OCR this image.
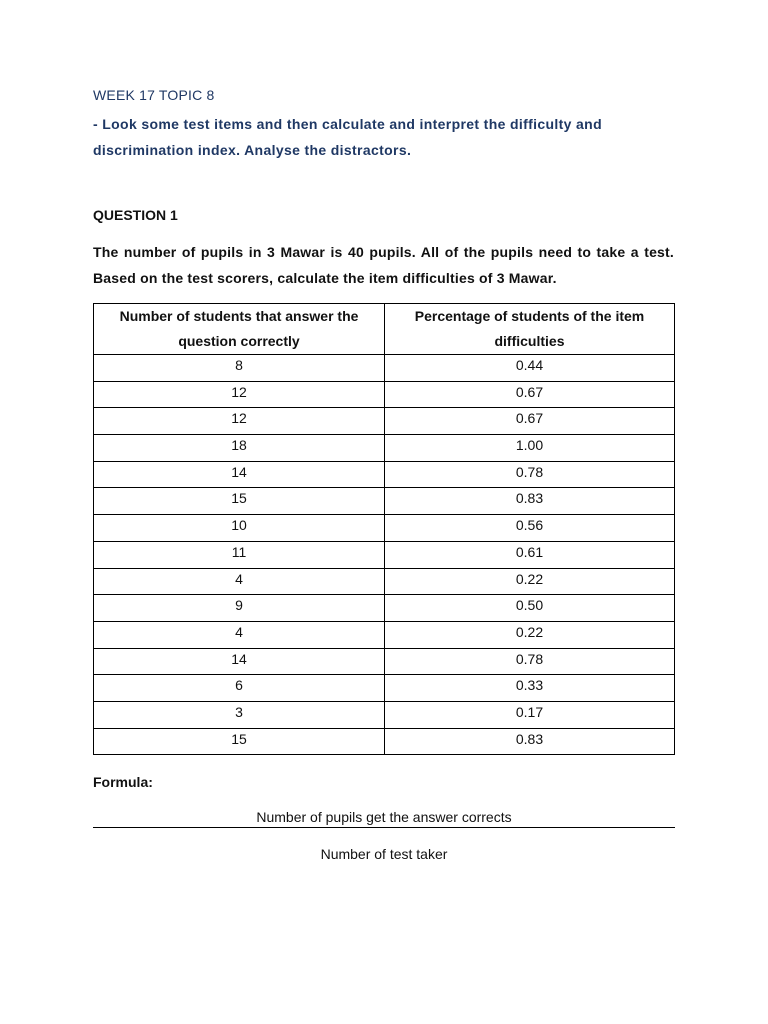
WEEK 17 TOPIC 8
- Look some test items and then calculate and interpret the difficulty and discrimination index. Analyse the distractors.
QUESTION 1
The number of pupils in 3 Mawar is 40 pupils. All of the pupils need to take a test. Based on the test scorers, calculate the item difficulties of 3 Mawar.
Number of students that answer the question correctly	Percentage of students of the item difficulties
8	0.44
12	0.67
12	0.67
18	1.00
14	0.78
15	0.83
10	0.56
11	0.61
4	0.22
9	0.50
4	0.22
14	0.78
6	0.33
3	0.17
15	0.83
Formula:
Number of pupils get the answer corrects
Number of test taker
